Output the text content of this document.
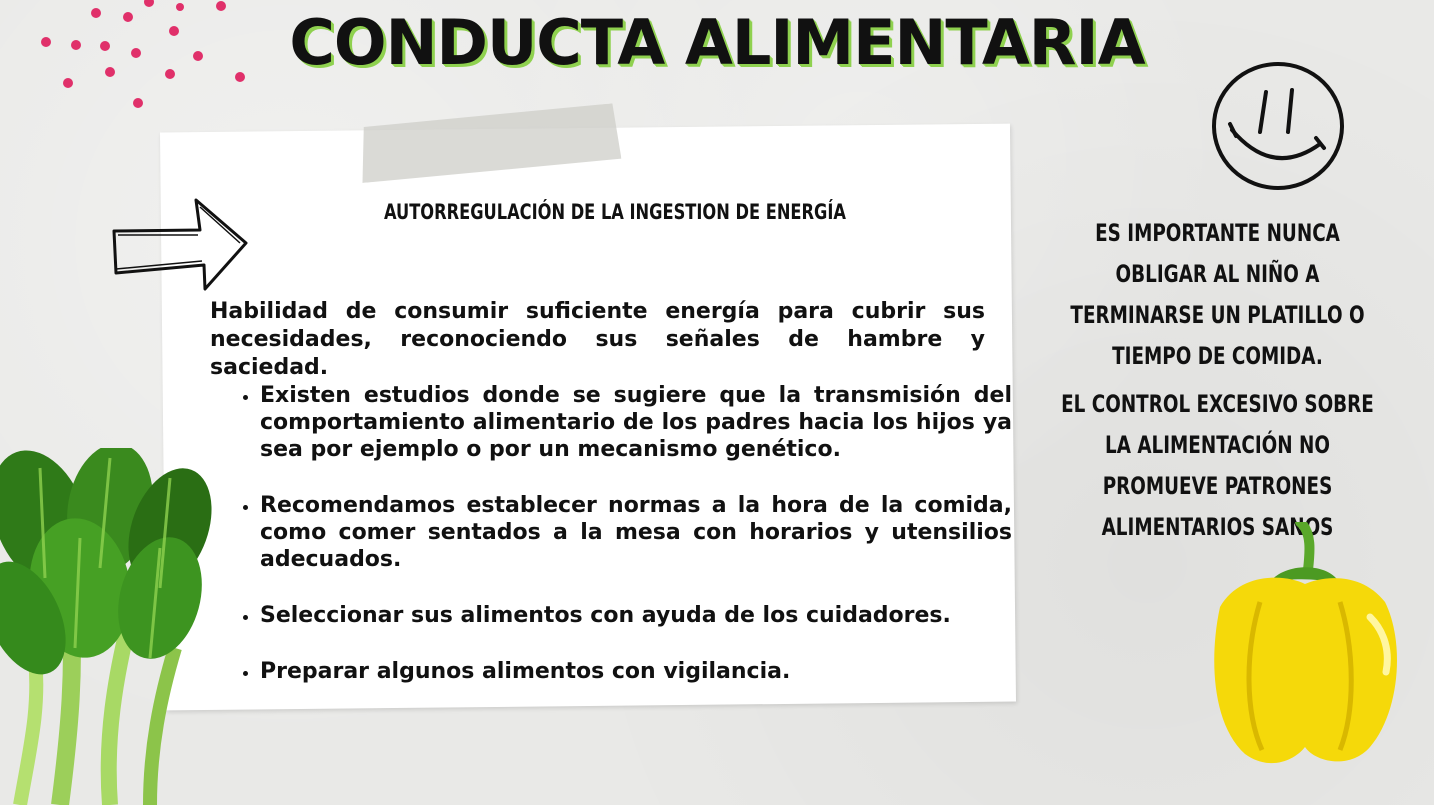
CONDUCTA ALIMENTARIA
AUTORREGULACIÓN DE LA INGESTION DE ENERGÍA

Habilidad de consumir suficiente energía para cubrir sus necesidades, reconociendo sus señales de hambre y saciedad.

• Existen estudios donde se sugiere que la transmisión del comportamiento alimentario de los padres hacia los hijos ya sea por ejemplo o por un mecanismo genético.
• Recomendamos establecer normas a la hora de la comida, como comer sentados a la mesa con horarios y utensilios adecuados.
• Seleccionar sus alimentos con ayuda de los cuidadores.
• Preparar algunos alimentos con vigilancia.
ES IMPORTANTE NUNCA OBLIGAR AL NIÑO A TERMINARSE UN PLATILLO O TIEMPO DE COMIDA.
EL CONTROL EXCESIVO SOBRE LA ALIMENTACIÓN NO PROMUEVE PATRONES ALIMENTARIOS SANOS
